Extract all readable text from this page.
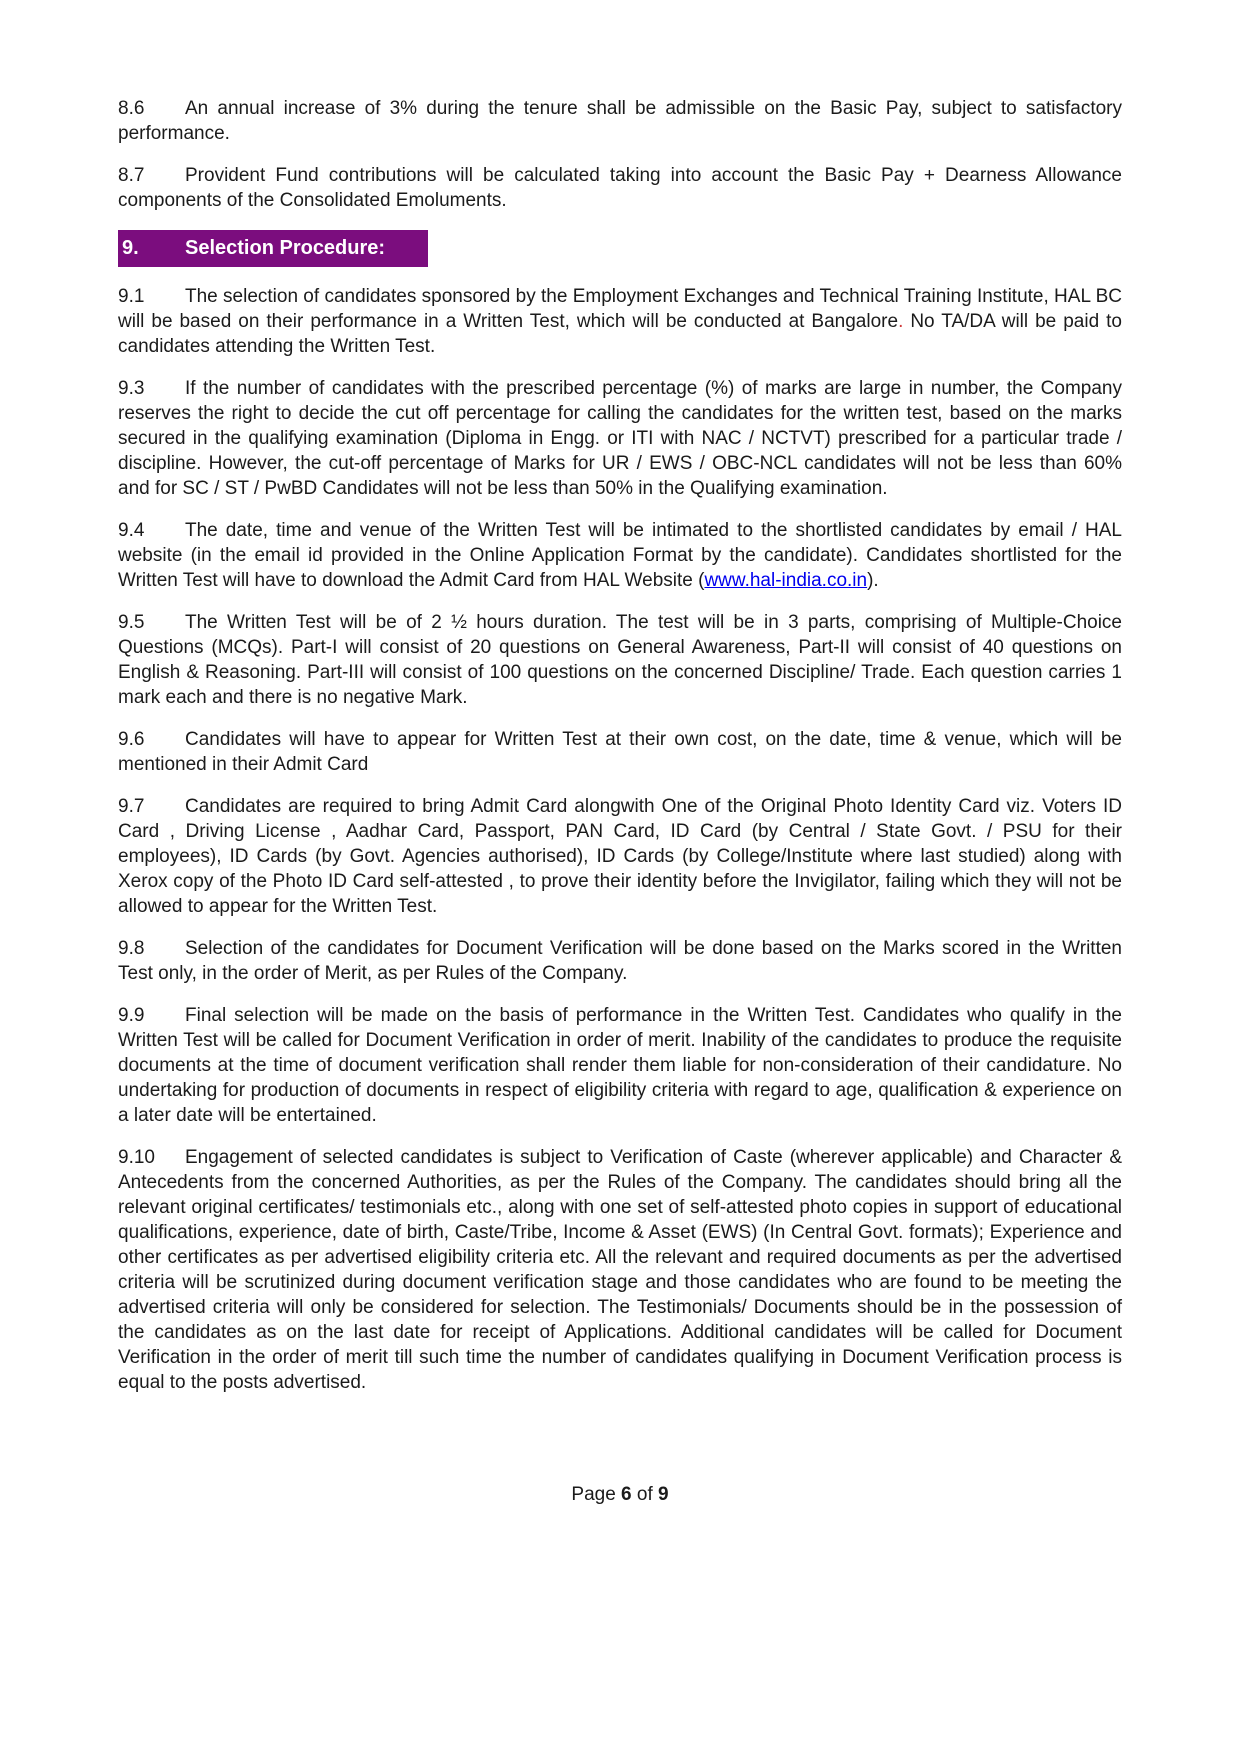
8.6 An annual increase of 3% during the tenure shall be admissible on the Basic Pay, subject to satisfactory performance.

8.7 Provident Fund contributions will be calculated taking into account the Basic Pay + Dearness Allowance components of the Consolidated Emoluments.

9. Selection Procedure:

9.1 The selection of candidates sponsored by the Employment Exchanges and Technical Training Institute, HAL BC will be based on their performance in a Written Test, which will be conducted at Bangalore. No TA/DA will be paid to candidates attending the Written Test.

9.3 If the number of candidates with the prescribed percentage (%) of marks are large in number, the Company reserves the right to decide the cut off percentage for calling the candidates for the written test, based on the marks secured in the qualifying examination (Diploma in Engg. or ITI with NAC / NCTVT) prescribed for a particular trade / discipline. However, the cut-off percentage of Marks for UR / EWS / OBC-NCL candidates will not be less than 60% and for SC / ST / PwBD Candidates will not be less than 50% in the Qualifying examination.

9.4 The date, time and venue of the Written Test will be intimated to the shortlisted candidates by email / HAL website (in the email id provided in the Online Application Format by the candidate). Candidates shortlisted for the Written Test will have to download the Admit Card from HAL Website (www.hal-india.co.in).

9.5 The Written Test will be of 2 ½ hours duration. The test will be in 3 parts, comprising of Multiple-Choice Questions (MCQs). Part-I will consist of 20 questions on General Awareness, Part-II will consist of 40 questions on English & Reasoning. Part-III will consist of 100 questions on the concerned Discipline/ Trade. Each question carries 1 mark each and there is no negative Mark.

9.6 Candidates will have to appear for Written Test at their own cost, on the date, time & venue, which will be mentioned in their Admit Card

9.7 Candidates are required to bring Admit Card alongwith One of the Original Photo Identity Card viz. Voters ID Card , Driving License , Aadhar Card, Passport, PAN Card, ID Card (by Central / State Govt. / PSU for their employees), ID Cards (by Govt. Agencies authorised), ID Cards (by College/Institute where last studied) along with Xerox copy of the Photo ID Card self-attested , to prove their identity before the Invigilator, failing which they will not be allowed to appear for the Written Test.

9.8 Selection of the candidates for Document Verification will be done based on the Marks scored in the Written Test only, in the order of Merit, as per Rules of the Company.

9.9 Final selection will be made on the basis of performance in the Written Test. Candidates who qualify in the Written Test will be called for Document Verification in order of merit. Inability of the candidates to produce the requisite documents at the time of document verification shall render them liable for non-consideration of their candidature. No undertaking for production of documents in respect of eligibility criteria with regard to age, qualification & experience on a later date will be entertained.

9.10 Engagement of selected candidates is subject to Verification of Caste (wherever applicable) and Character & Antecedents from the concerned Authorities, as per the Rules of the Company. The candidates should bring all the relevant original certificates/ testimonials etc., along with one set of self-attested photo copies in support of educational qualifications, experience, date of birth, Caste/Tribe, Income & Asset (EWS) (In Central Govt. formats); Experience and other certificates as per advertised eligibility criteria etc. All the relevant and required documents as per the advertised criteria will be scrutinized during document verification stage and those candidates who are found to be meeting the advertised criteria will only be considered for selection. The Testimonials/ Documents should be in the possession of the candidates as on the last date for receipt of Applications. Additional candidates will be called for Document Verification in the order of merit till such time the number of candidates qualifying in Document Verification process is equal to the posts advertised.

Page 6 of 9
